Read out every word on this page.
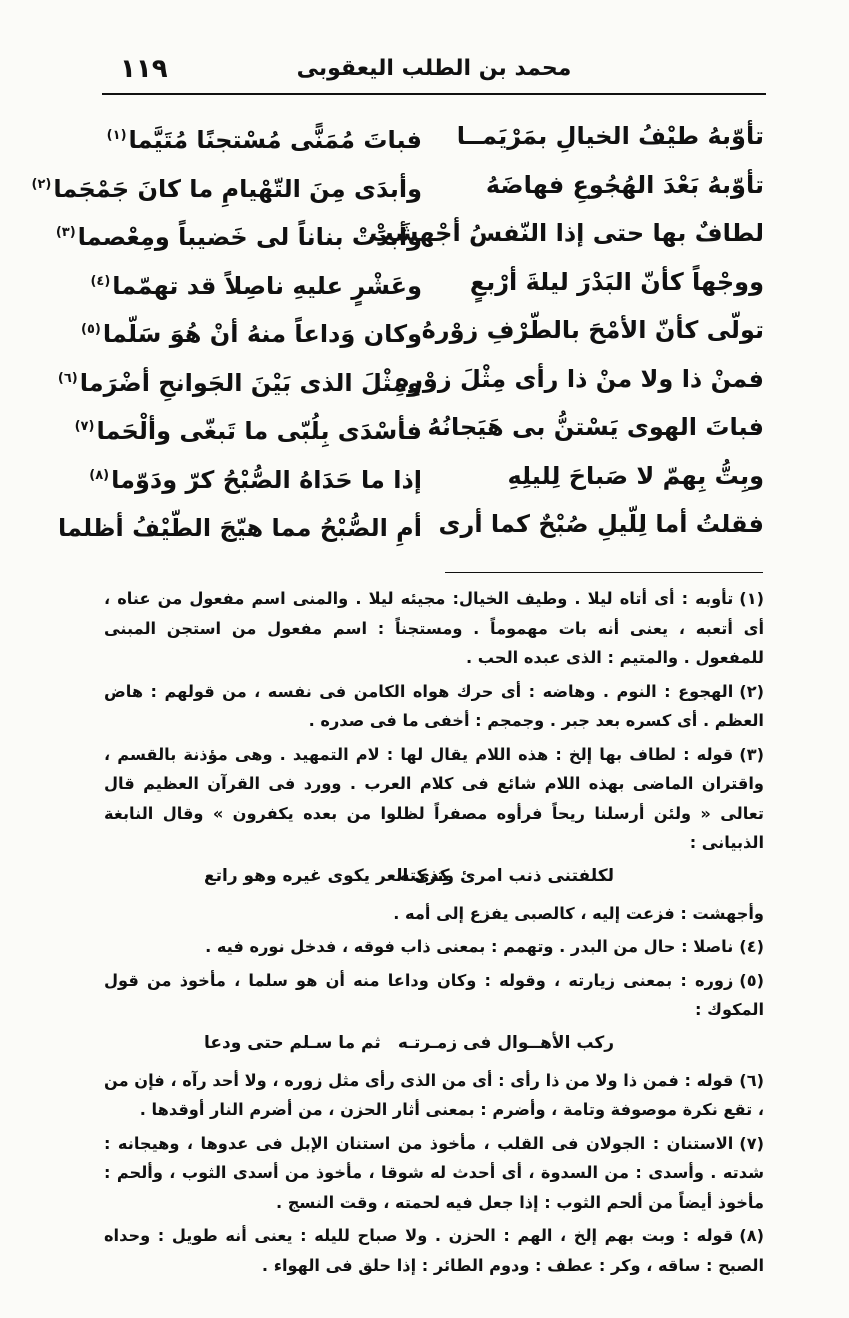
محمد بن الطلب اليعقوبى
١١٩
تأوّبهُ طيْفُ الخيالِ بمَرْيَمــا
فباتَ مُمَنًّى مُسْتجنًا مُتَيَّما$^{(١)}$
تأوّبهُ بَعْدَ الهُجُوعِ فهاضَهُ
وأبدَى مِنَ التّهْيامِ ما كانَ جَمْجَما$^{(٢)}$
لطافٌ بها حتى إذا النّفسُ أجْهشَتْ
وأبدَتْ بناناً لى خَضيباً ومِعْصما$^{(٣)}$
ووجْهاً كأنّ البَدْرَ ليلةَ أرْبعٍ
وعَشْرٍ عليهِ ناصِلاً قد تهمّما$^{(٤)}$
تولّى كأنّ الأمْحَ بالطّرْفِ زوْرهُ
وكان وَداعاً منهُ أنْ هُوَ سَلّما$^{(٥)}$
فمنْ ذا ولا منْ ذا رأى مِثْلَ زوْرِهِ
ومِثْلَ الذى بَيْنَ الجَوانحِ أضْرَما$^{(٦)}$
فباتَ الهوى يَسْتنُّ بى هَيَجانُهُ
فأسْدَى بِلُبّى ما تَبغّى وألْحَما$^{(٧)}$
وبِتُّ بِهمّ لا صَباحَ لِليلِهِ
إذا ما حَدَاهُ الصُّبْحُ كرّ ودَوّما$^{(٨)}$
فقلتُ أما لِلّيلِ صُبْحٌ كما أرى
أمِ الصُّبْحُ مما هيّجَ الطّيْفُ أظلما

(١)تأوبه : أى أتاه ليلا . وطيف الخيال: مجيئه ليلا . والمنى اسم مفعول من عناه ، أى أتعبه ، يعنى أنه بات مهموماً . ومستجناً : اسم مفعول من استجن المبنى للمفعول . والمتيم : الذى عبده الحب .

(٢)الهجوع : النوم . وهاضه : أى حرك هواه الكامن فى نفسه ، من قولهم : هاض العظم . أى كسره بعد جبر . وجمجم : أخفى ما فى صدره .

(٣)قوله : لطاف بها إلخ : هذه اللام يقال لها : لام التمهيد . وهى مؤذنة بالقسم ، واقتران الماضى بهذه اللام شائع فى كلام العرب . وورد فى القرآن العظيم قال تعالى « ولئن أرسلنا ريحاً فرأوه مصفراً لظلوا من بعده يكفرون » وقال النابغة الذبيانى :

لكلفتنى ذنب امرئ وتركته
كذى العر يكوى غيره وهو راتع

وأجهشت : فزعت إليه ، كالصبى يفزع إلى أمه .

(٤)ناصلا : حال من البدر . وتهمم : بمعنى ذاب فوقه ، فدخل نوره فيه .

(٥)زوره : بمعنى زيارته ، وقوله : وكان وداعا منه أن هو سلما ، مأخوذ من قول المكوك :

ركب الأهــوال فى زمـرتـه
ثم ما سـلم حتى ودعا

(٦)قوله : فمن ذا ولا من ذا رأى : أى من الذى رأى مثل زوره ، ولا أحد رآه ، فإن من ، تقع نكرة موصوفة وتامة ، وأضرم : بمعنى أثار الحزن ، من أضرم النار أوقدها .

(٧)الاستنان : الجولان فى القلب ، مأخوذ من استنان الإبل فى عدوها ، وهيجانه : شدته . وأسدى : من السدوة ، أى أحدث له شوقا ، مأخوذ من أسدى الثوب ، وألحم : مأخوذ أيضاً من ألحم الثوب : إذا جعل فيه لحمته ، وقت النسج .

(٨)قوله : وبت بهم إلخ ، الهم : الحزن . ولا صباح لليله : يعنى أنه طويل : وحداه الصبح : ساقه ، وكر : عطف : ودوم الطائر : إذا حلق فى الهواء .
